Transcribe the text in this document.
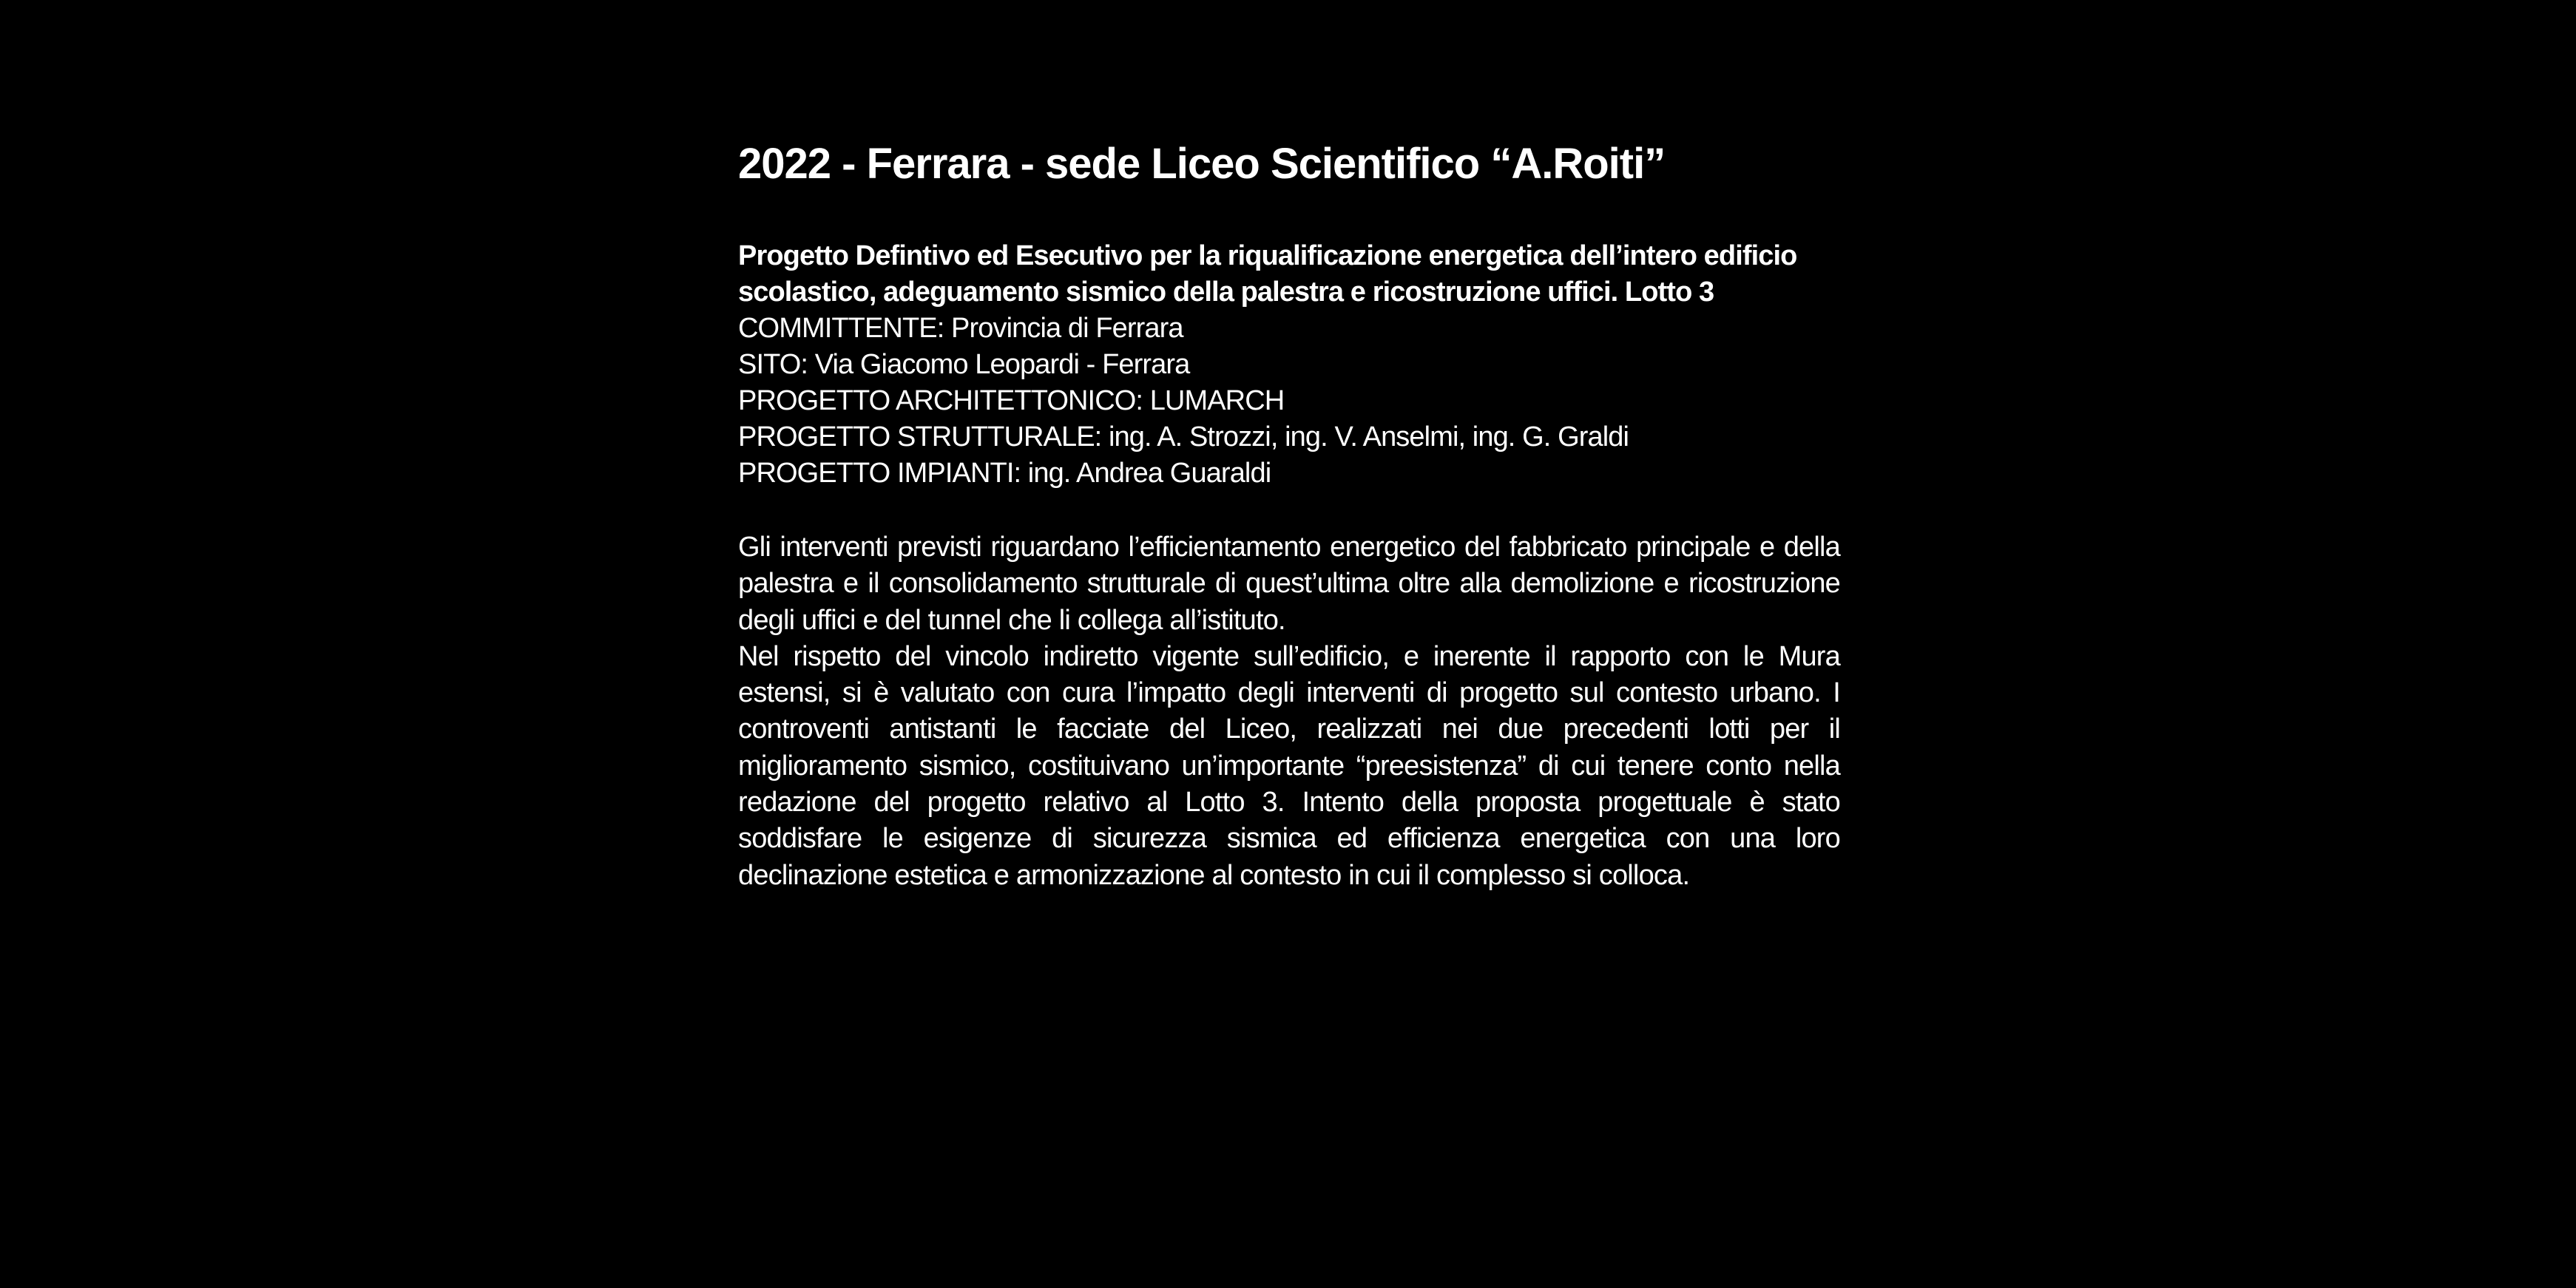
2022 - Ferrara - sede Liceo Scientifico “A.Roiti”
Progetto Defintivo ed Esecutivo per la riqualificazione energetica dell’intero edificio scolastico, adeguamento sismico della palestra e ricostruzione uffici. Lotto 3
COMMITTENTE: Provincia di Ferrara
SITO: Via Giacomo Leopardi - Ferrara
PROGETTO ARCHITETTONICO: LUMARCH
PROGETTO STRUTTURALE: ing. A. Strozzi, ing. V. Anselmi, ing. G. Graldi
PROGETTO IMPIANTI: ing. Andrea Guaraldi

Gli interventi previsti riguardano l’efficientamento energetico del fabbricato principale e della palestra e il consolidamento strutturale di quest’ultima oltre alla demolizione e ricostruzione degli uffici e del tunnel che li collega all’istituto.

Nel rispetto del vincolo indiretto vigente sull’edificio, e inerente il rapporto con le Mura estensi, si è valutato con cura l’impatto degli interventi di progetto sul contesto urbano. I controventi antistanti le facciate del Liceo, realizzati nei due precedenti lotti per il miglioramento sismico, costituivano un’importante “preesistenza” di cui tenere conto nella redazione del progetto relativo al Lotto 3. Intento della proposta progettuale è stato soddisfare le esigenze di sicurezza sismica ed efficienza energetica con una loro declinazione estetica e armonizzazione al contesto in cui il complesso si colloca.
